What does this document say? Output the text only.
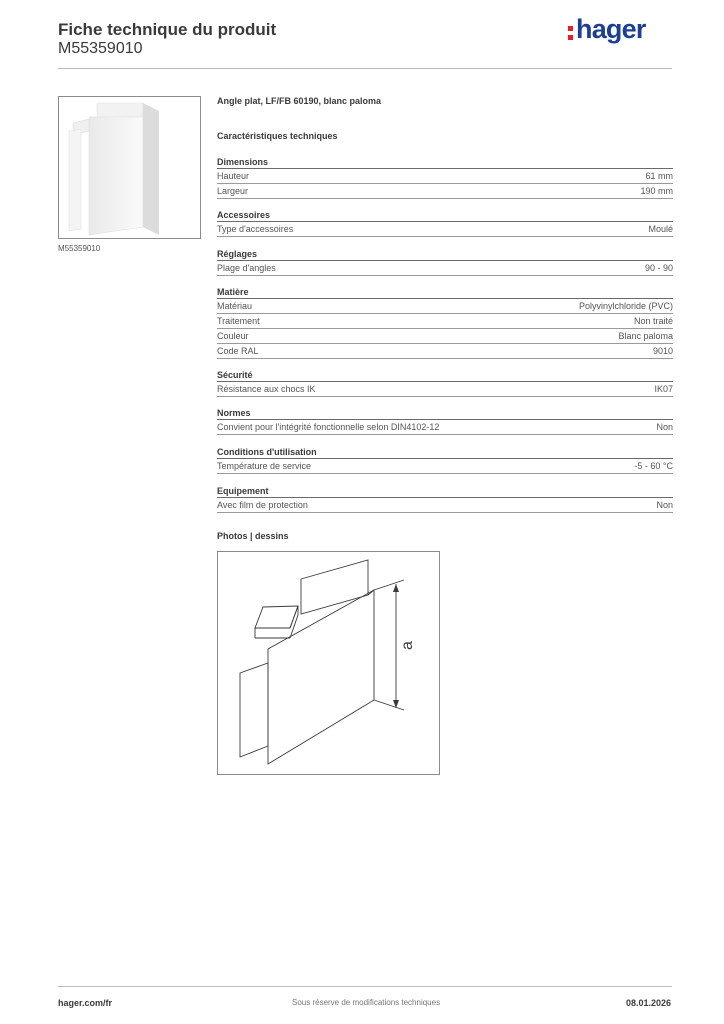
Fiche technique du produit
M55359010
hager
M55359010
Angle plat, LF/FB 60190, blanc paloma
Caractéristiques techniques
Dimensions
Hauteur	61 mm
Largeur	190 mm
Accessoires
Type d'accessoires	Moulé
Réglages
Plage d'angles	90 - 90
Matière
Matériau	Polyvinylchloride (PVC)
Traitement	Non traité
Couleur	Blanc paloma
Code RAL	9010
Sécurité
Résistance aux chocs IK	IK07
Normes
Convient pour l'intégrité fonctionnelle selon DIN4102-12	Non
Conditions d'utilisation
Température de service	-5 - 60 °C
Equipement
Avec film de protection	Non
Photos | dessins
a
hager.com/fr	Sous réserve de modifications techniques	08.01.2026
